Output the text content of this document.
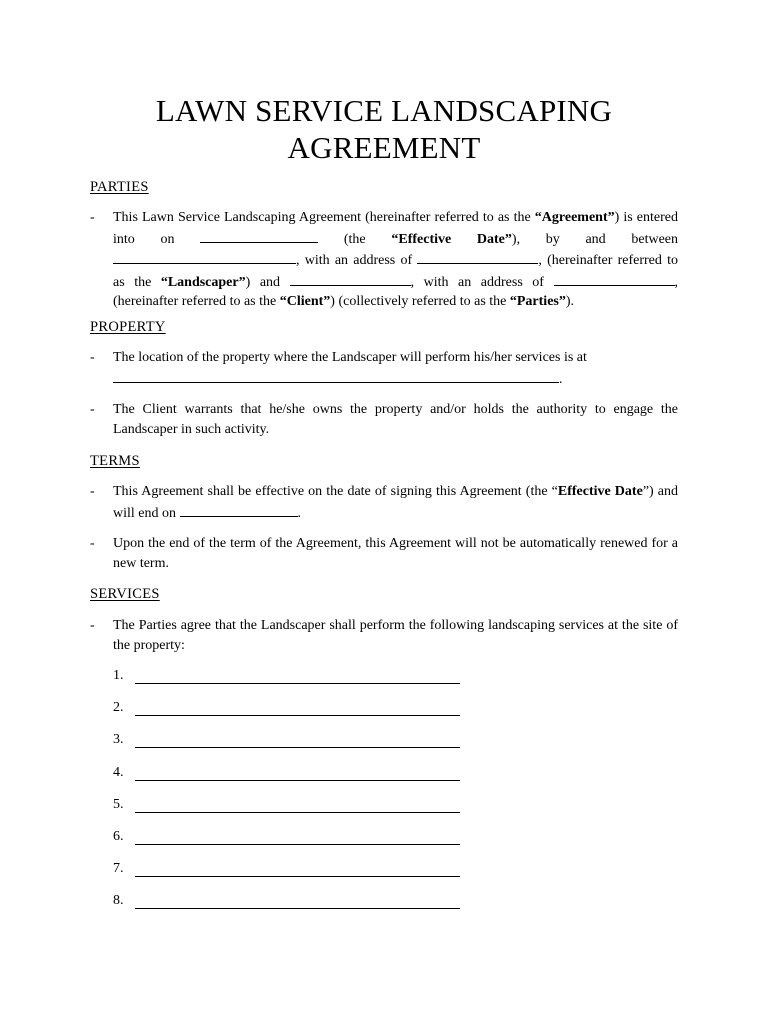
LAWN SERVICE LANDSCAPING
AGREEMENT
PARTIES
-	This Lawn Service Landscaping Agreement (hereinafter referred to as the “Agreement”) is entered into on	(the “Effective Date”), by and between , with an address of	, (hereinafter referred to as the “Landscaper”) and	, with an address of	, (hereinafter referred to as the “Client”) (collectively referred to as the “Parties”).
PROPERTY
-	The location of the property where the Landscaper will perform his/her services is at
.
-	The Client warrants that he/she owns the property and/or holds the authority to engage the Landscaper in such activity.
TERMS
-	This Agreement shall be effective on the date of signing this Agreement (the “Effective Date”) and will end on	.
-	Upon the end of the term of the Agreement, this Agreement will not be automatically renewed for a new term.
SERVICES
-	The Parties agree that the Landscaper shall perform the following landscaping services at the site of the property:
1.
2.
3.
4.
5.
6.
7.
8.
